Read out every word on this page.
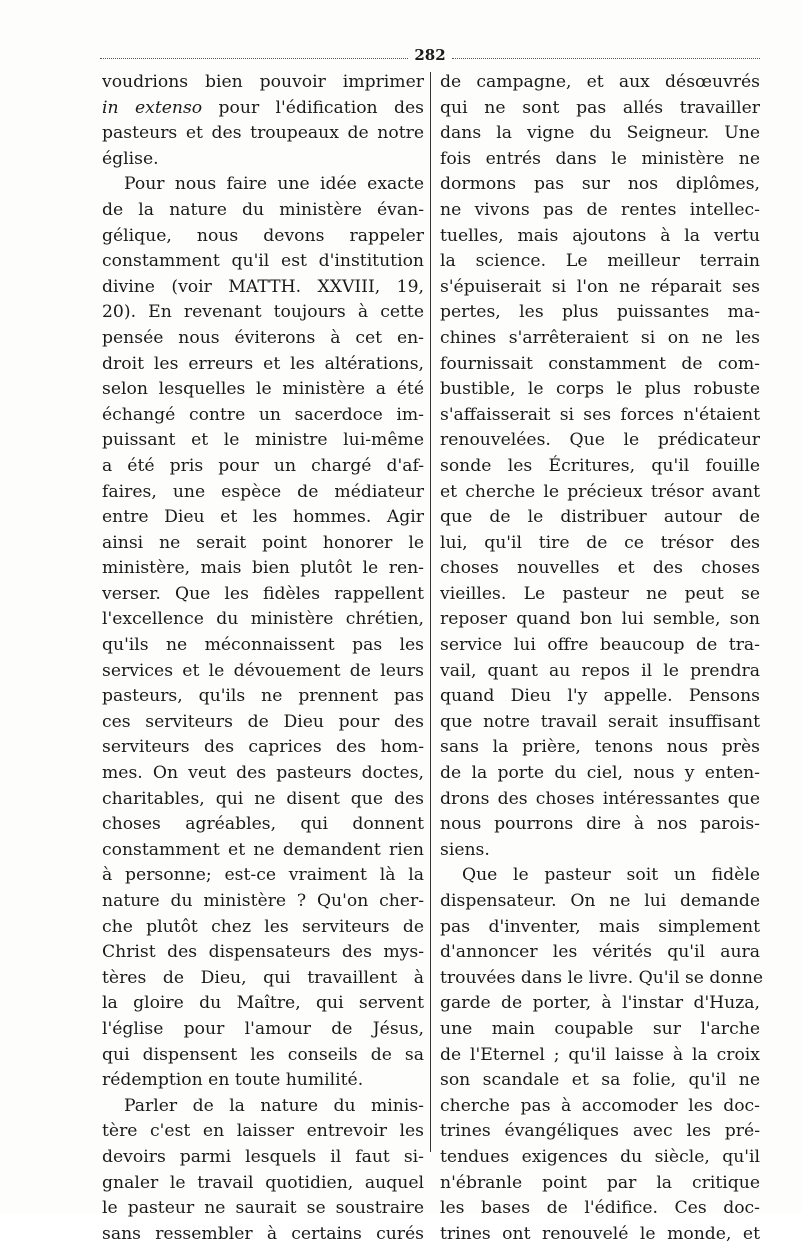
282
voudrions bien pouvoir imprimer
in extenso pour l'édification des
pasteurs et des troupeaux de notre
église.
Pour nous faire une idée exacte
de la nature du ministère évan-
gélique, nous devons rappeler
constamment qu'il est d'institution
divine (voir MATTH. XXVIII, 19,
20). En revenant toujours à cette
pensée nous éviterons à cet en-
droit les erreurs et les altérations,
selon lesquelles le ministère a été
échangé contre un sacerdoce im-
puissant et le ministre lui-même
a été pris pour un chargé d'af-
faires, une espèce de médiateur
entre Dieu et les hommes. Agir
ainsi ne serait point honorer le
ministère, mais bien plutôt le ren-
verser. Que les fidèles rappellent
l'excellence du ministère chrétien,
qu'ils ne méconnaissent pas les
services et le dévouement de leurs
pasteurs, qu'ils ne prennent pas
ces serviteurs de Dieu pour des
serviteurs des caprices des hom-
mes. On veut des pasteurs doctes,
charitables, qui ne disent que des
choses agréables, qui donnent
constamment et ne demandent rien
à personne; est-ce vraiment là la
nature du ministère ? Qu'on cher-
che plutôt chez les serviteurs de
Christ des dispensateurs des mys-
tères de Dieu, qui travaillent à
la gloire du Maître, qui servent
l'église pour l'amour de Jésus,
qui dispensent les conseils de sa
rédemption en toute humilité.
Parler de la nature du minis-
tère c'est en laisser entrevoir les
devoirs parmi lesquels il faut si-
gnaler le travail quotidien, auquel
le pasteur ne saurait se soustraire
sans ressembler à certains curés
de campagne, et aux désœuvrés
qui ne sont pas allés travailler
dans la vigne du Seigneur. Une
fois entrés dans le ministère ne
dormons pas sur nos diplômes,
ne vivons pas de rentes intellec-
tuelles, mais ajoutons à la vertu
la science. Le meilleur terrain
s'épuiserait si l'on ne réparait ses
pertes, les plus puissantes ma-
chines s'arrêteraient si on ne les
fournissait constamment de com-
bustible, le corps le plus robuste
s'affaisserait si ses forces n'étaient
renouvelées. Que le prédicateur
sonde les Écritures, qu'il fouille
et cherche le précieux trésor avant
que de le distribuer autour de
lui, qu'il tire de ce trésor des
choses nouvelles et des choses
vieilles. Le pasteur ne peut se
reposer quand bon lui semble, son
service lui offre beaucoup de tra-
vail, quant au repos il le prendra
quand Dieu l'y appelle. Pensons
que notre travail serait insuffisant
sans la prière, tenons nous près
de la porte du ciel, nous y enten-
drons des choses intéressantes que
nous pourrons dire à nos parois-
siens.
Que le pasteur soit un fidèle
dispensateur. On ne lui demande
pas d'inventer, mais simplement
d'annoncer les vérités qu'il aura
trouvées dans le livre. Qu'il se donne
garde de porter, à l'instar d'Huza,
une main coupable sur l'arche
de l'Eternel ; qu'il laisse à la croix
son scandale et sa folie, qu'il ne
cherche pas à accomoder les doc-
trines évangéliques avec les pré-
tendues exigences du siècle, qu'il
n'ébranle point par la critique
les bases de l'édifice. Ces doc-
trines ont renouvelé le monde, et
